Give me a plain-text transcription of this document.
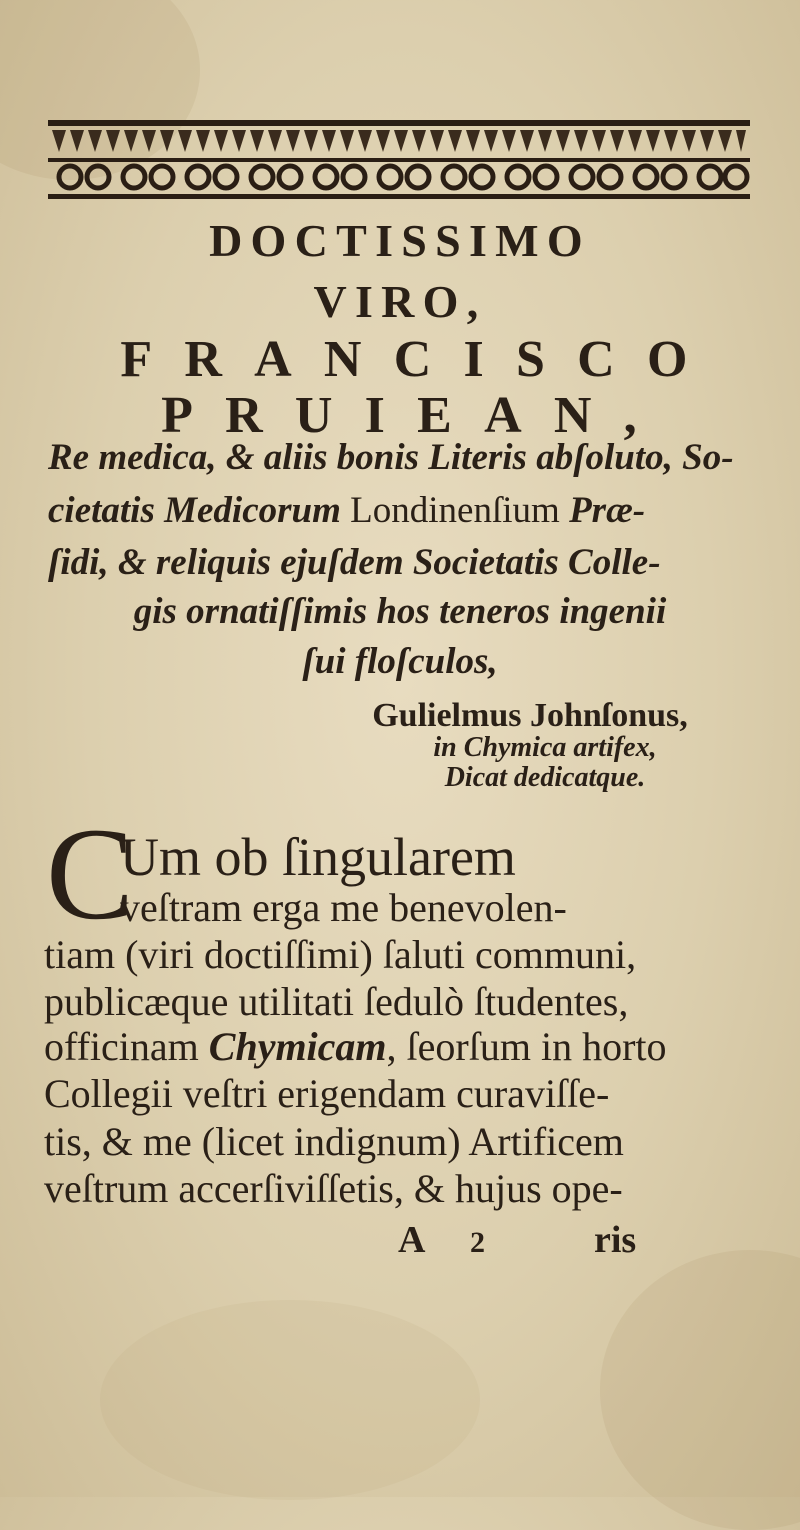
DOCTISSIMO
VIRO,
FRANCISCO
PRUIEAN,
Re medica, & aliis bonis Literis abſoluto, So-
cietatis Medicorum Londinenſium Præ-
ſidi, & reliquis ejuſdem Societatis Colle-
gis ornatiſſimis hos teneros ingenii
ſui floſculos,
Gulielmus Johnſonus,
in Chymica artifex,
Dicat dedicatque.
C
Um ob ſingularem
veſtram erga me benevolen-
tiam (viri doctiſſimi) ſaluti communi,
publicæque utilitati ſedulò ſtudentes,
officinam Chymicam, ſeorſum in horto
Collegii veſtri erigendam curaviſſe-
tis, & me (licet indignum) Artificem
veſtrum accerſiviſſetis, & hujus ope-
A 2	ris
